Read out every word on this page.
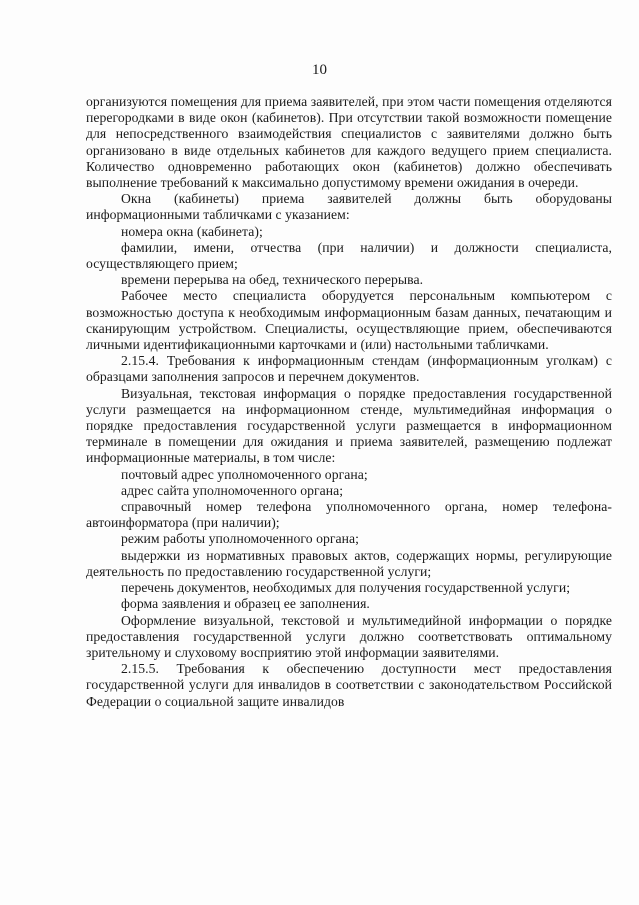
10

организуются помещения для приема заявителей, при этом части помещения отделяются перегородками в виде окон (кабинетов). При отсутствии такой возможности помещение для непосредственного взаимодействия специалистов с заявителями должно быть организовано в виде отдельных кабинетов для каждого ведущего прием специалиста. Количество одновременно работающих окон (кабинетов) должно обеспечивать выполнение требований к максимально допустимому времени ожидания в очереди.

Окна (кабинеты) приема заявителей должны быть оборудованы информационными табличками с указанием:

номера окна (кабинета);

фамилии, имени, отчества (при наличии) и должности специалиста, осуществляющего прием;

времени перерыва на обед, технического перерыва.

Рабочее место специалиста оборудуется персональным компьютером с возможностью доступа к необходимым информационным базам данных, печатающим и сканирующим устройством. Специалисты, осуществляющие прием, обеспечиваются личными идентификационными карточками и (или) настольными табличками.

2.15.4. Требования к информационным стендам (информационным уголкам) с образцами заполнения запросов и перечнем документов.

Визуальная, текстовая информация о порядке предоставления государственной услуги размещается на информационном стенде, мультимедийная информация о порядке предоставления государственной услуги размещается в информационном терминале в помещении для ожидания и приема заявителей, размещению подлежат информационные материалы, в том числе:

почтовый адрес уполномоченного органа;

адрес сайта уполномоченного органа;

справочный номер телефона уполномоченного органа, номер телефона-автоинформатора (при наличии);

режим работы уполномоченного органа;

выдержки из нормативных правовых актов, содержащих нормы, регулирующие деятельность по предоставлению государственной услуги;

перечень документов, необходимых для получения государственной услуги;

форма заявления и образец ее заполнения.

Оформление визуальной, текстовой и мультимедийной информации о порядке предоставления государственной услуги должно соответствовать оптимальному зрительному и слуховому восприятию этой информации заявителями.

2.15.5. Требования к обеспечению доступности мест предоставления государственной услуги для инвалидов в соответствии с законодательством Российской Федерации о социальной защите инвалидов
